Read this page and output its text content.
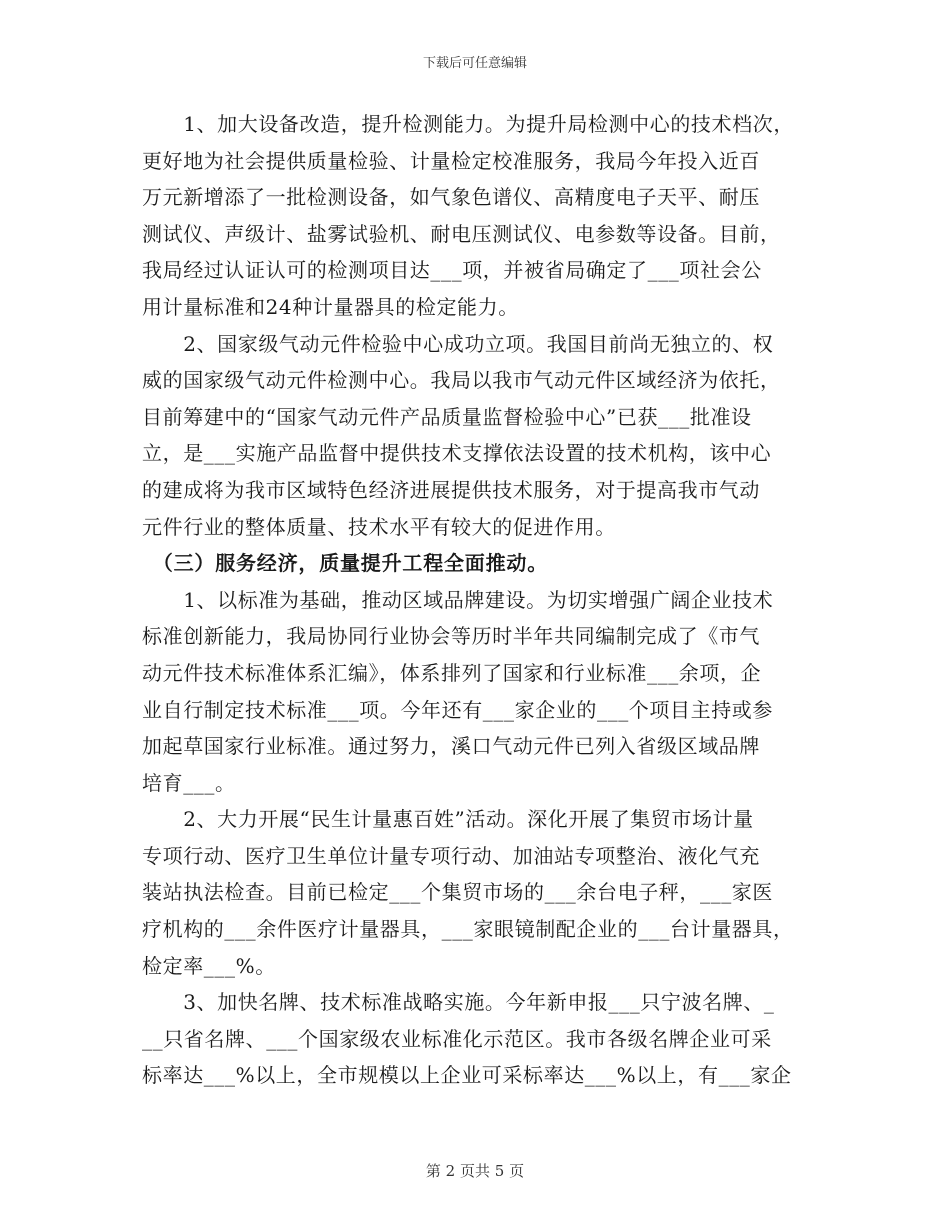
下载后可任意编辑

　　1、加大设备改造，提升检测能力。为提升局检测中心的技术档次，
更好地为社会提供质量检验、计量检定校准服务，我局今年投入近百
万元新增添了一批检测设备，如气象色谱仪、高精度电子天平、耐压
测试仪、声级计、盐雾试验机、耐电压测试仪、电参数等设备。目前，
我局经过认证认可的检测项目达___项，并被省局确定了___项社会公
用计量标准和24种计量器具的检定能力。

　　2、国家级气动元件检验中心成功立项。我国目前尚无独立的、权
威的国家级气动元件检测中心。我局以我市气动元件区域经济为依托，
目前筹建中的“国家气动元件产品质量监督检验中心”已获___批准设
立，是___实施产品监督中提供技术支撑依法设置的技术机构，该中心
的建成将为我市区域特色经济进展提供技术服务，对于提高我市气动
元件行业的整体质量、技术水平有较大的促进作用。

　（三）服务经济，质量提升工程全面推动。

　　1、以标准为基础，推动区域品牌建设。为切实增强广阔企业技术
标准创新能力，我局协同行业协会等历时半年共同编制完成了《市气
动元件技术标准体系汇编》，体系排列了国家和行业标准___余项，企
业自行制定技术标准___项。今年还有___家企业的___个项目主持或参
加起草国家行业标准。通过努力，溪口气动元件已列入省级区域品牌
培育___。

　　2、大力开展“民生计量惠百姓”活动。深化开展了集贸市场计量
专项行动、医疗卫生单位计量专项行动、加油站专项整治、液化气充
装站执法检查。目前已检定___个集贸市场的___余台电子秤，___家医
疗机构的___余件医疗计量器具，___家眼镜制配企业的___台计量器具，
检定率___%。

　　3、加快名牌、技术标准战略实施。今年新申报___只宁波名牌、_
__只省名牌、___个国家级农业标准化示范区。我市各级名牌企业可采
标率达___%以上，全市规模以上企业可采标率达___%以上，有___家企

第 2 页共 5 页
